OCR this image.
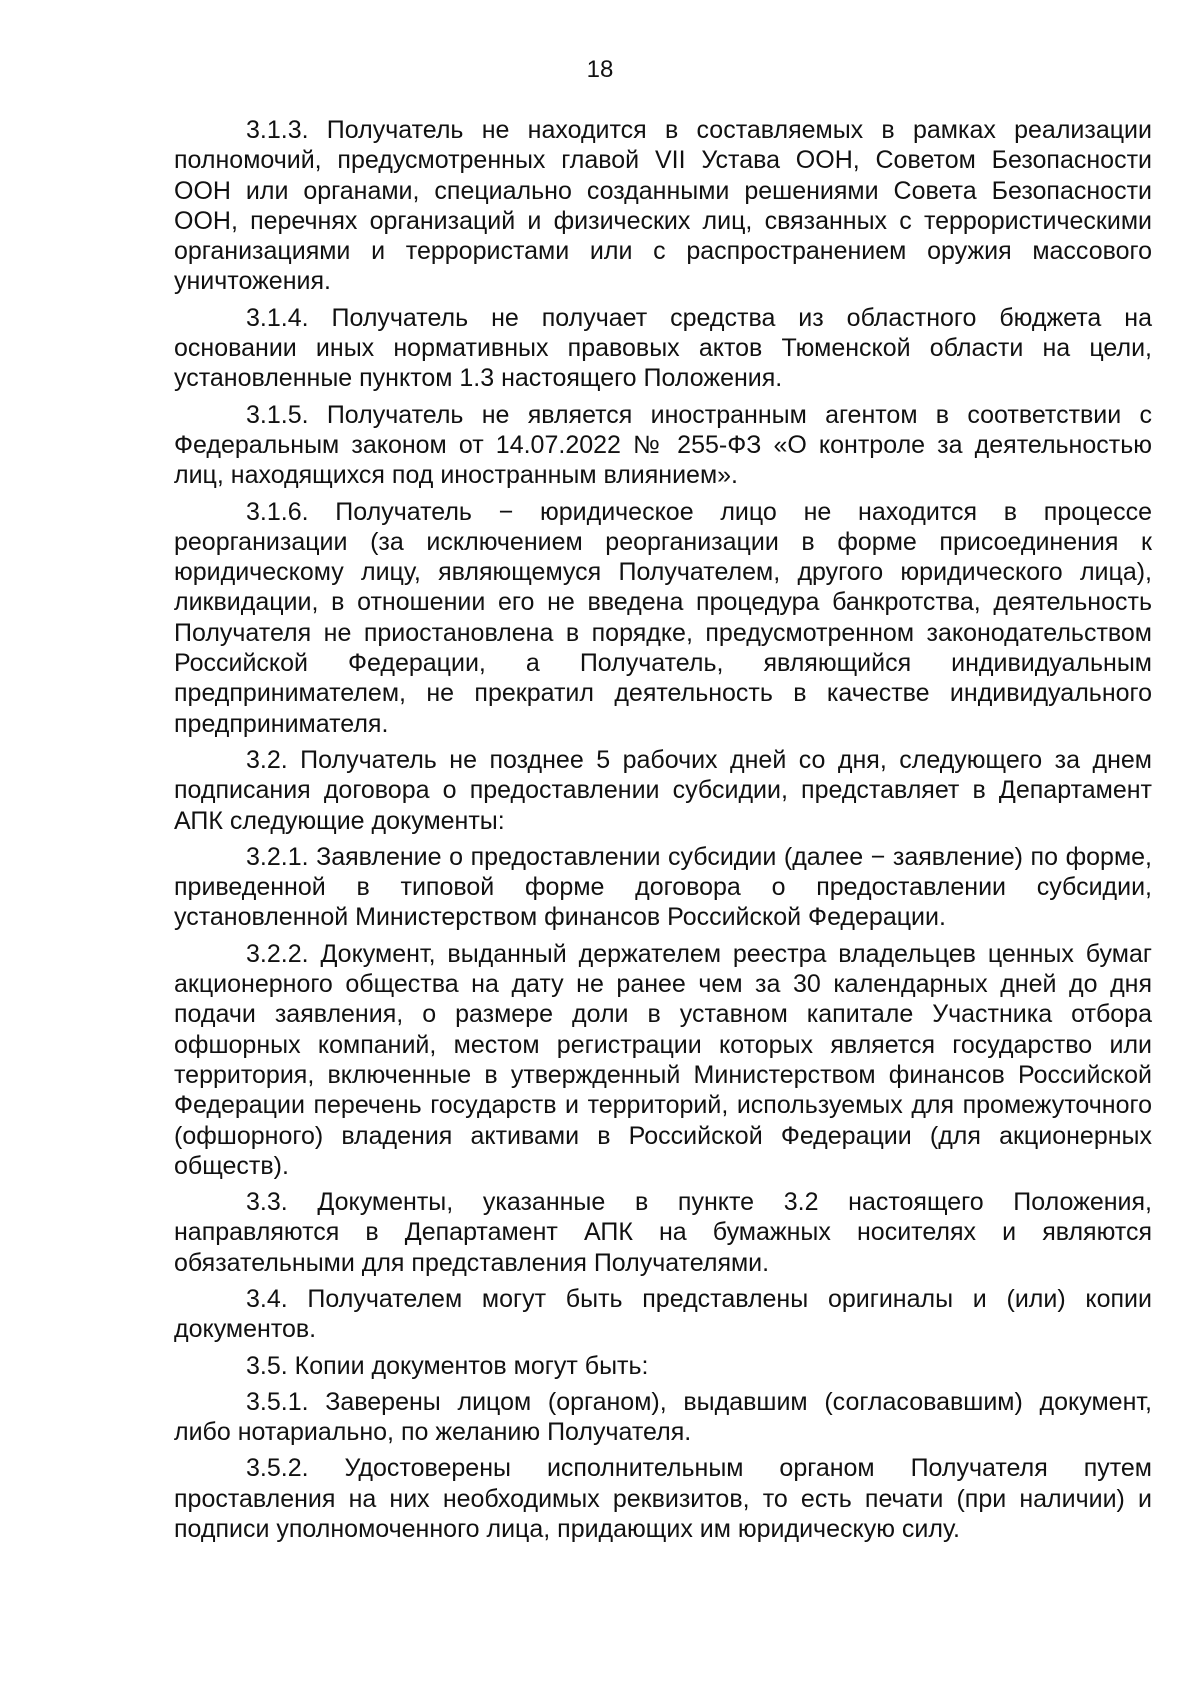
18

3.1.3. Получатель не находится в составляемых в рамках реализации полномочий, предусмотренных главой VII Устава ООН, Советом Безопасности ООН или органами, специально созданными решениями Совета Безопасности ООН, перечнях организаций и физических лиц, связанных с террористическими организациями и террористами или с распространением оружия массового уничтожения.

3.1.4. Получатель не получает средства из областного бюджета на основании иных нормативных правовых актов Тюменской области на цели, установленные пунктом 1.3 настоящего Положения.

3.1.5. Получатель не является иностранным агентом в соответствии с Федеральным законом от 14.07.2022 № 255-ФЗ «О контроле за деятельностью лиц, находящихся под иностранным влиянием».

3.1.6. Получатель − юридическое лицо не находится в процессе реорганизации (за исключением реорганизации в форме присоединения к юридическому лицу, являющемуся Получателем, другого юридического лица), ликвидации, в отношении его не введена процедура банкротства, деятельность Получателя не приостановлена в порядке, предусмотренном законодательством Российской Федерации, а Получатель, являющийся индивидуальным предпринимателем, не прекратил деятельность в качестве индивидуального предпринимателя.

3.2. Получатель не позднее 5 рабочих дней со дня, следующего за днем подписания договора о предоставлении субсидии, представляет в Департамент АПК следующие документы:

3.2.1. Заявление о предоставлении субсидии (далее − заявление) по форме, приведенной в типовой форме договора о предоставлении субсидии, установленной Министерством финансов Российской Федерации.

3.2.2. Документ, выданный держателем реестра владельцев ценных бумаг акционерного общества на дату не ранее чем за 30 календарных дней до дня подачи заявления, о размере доли в уставном капитале Участника отбора офшорных компаний, местом регистрации которых является государство или территория, включенные в утвержденный Министерством финансов Российской Федерации перечень государств и территорий, используемых для промежуточного (офшорного) владения активами в Российской Федерации (для акционерных обществ).

3.3. Документы, указанные в пункте 3.2 настоящего Положения, направляются в Департамент АПК на бумажных носителях и являются обязательными для представления Получателями.

3.4. Получателем могут быть представлены оригиналы и (или) копии документов.

3.5. Копии документов могут быть:

3.5.1. Заверены лицом (органом), выдавшим (согласовавшим) документ, либо нотариально, по желанию Получателя.

3.5.2. Удостоверены исполнительным органом Получателя путем проставления на них необходимых реквизитов, то есть печати (при наличии) и подписи уполномоченного лица, придающих им юридическую силу.
